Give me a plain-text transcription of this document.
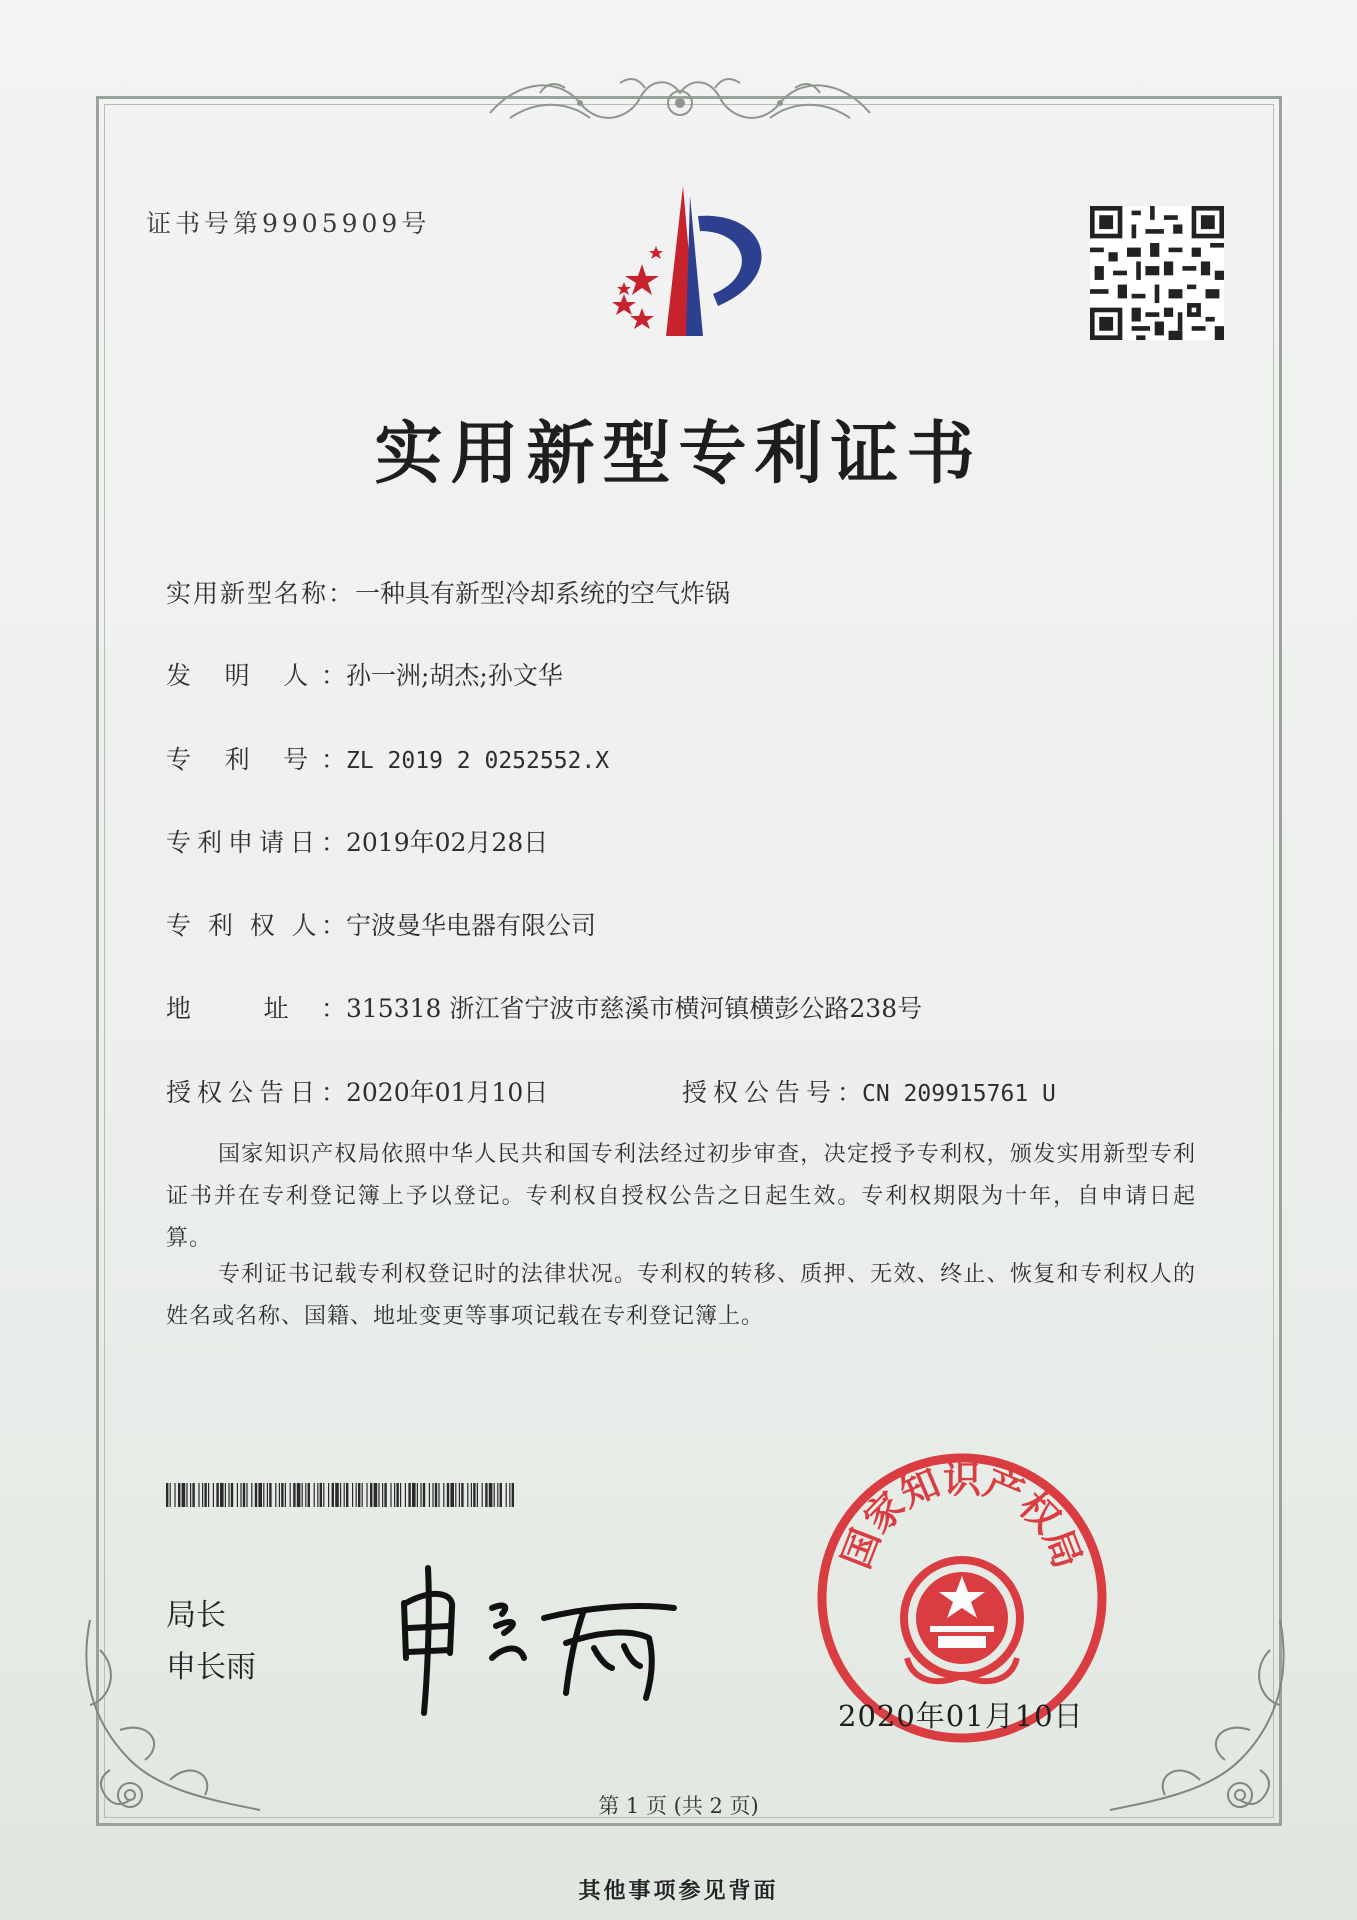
证书号第9905909号
实用新型专利证书
实用新型名称：一种具有新型冷却系统的空气炸锅
发 明 人：孙一洲;胡杰;孙文华
专 利 号：ZL 2019 2 0252552.X
专利申请日：2019年02月28日
专 利 权 人：宁波曼华电器有限公司
地 址：315318 浙江省宁波市慈溪市横河镇横彭公路238号
授权公告日：2020年01月10日	授权公告号：CN 209915761 U
国家知识产权局依照中华人民共和国专利法经过初步审查，决定授予专利权，颁发实用新型专利证书并在专利登记簿上予以登记。专利权自授权公告之日起生效。专利权期限为十年，自申请日起算。
专利证书记载专利权登记时的法律状况。专利权的转移、质押、无效、终止、恢复和专利权人的姓名或名称、国籍、地址变更等事项记载在专利登记簿上。
局长
申长雨
国家知识产权局
2020年01月10日
第 1 页 (共 2 页)
其他事项参见背面
